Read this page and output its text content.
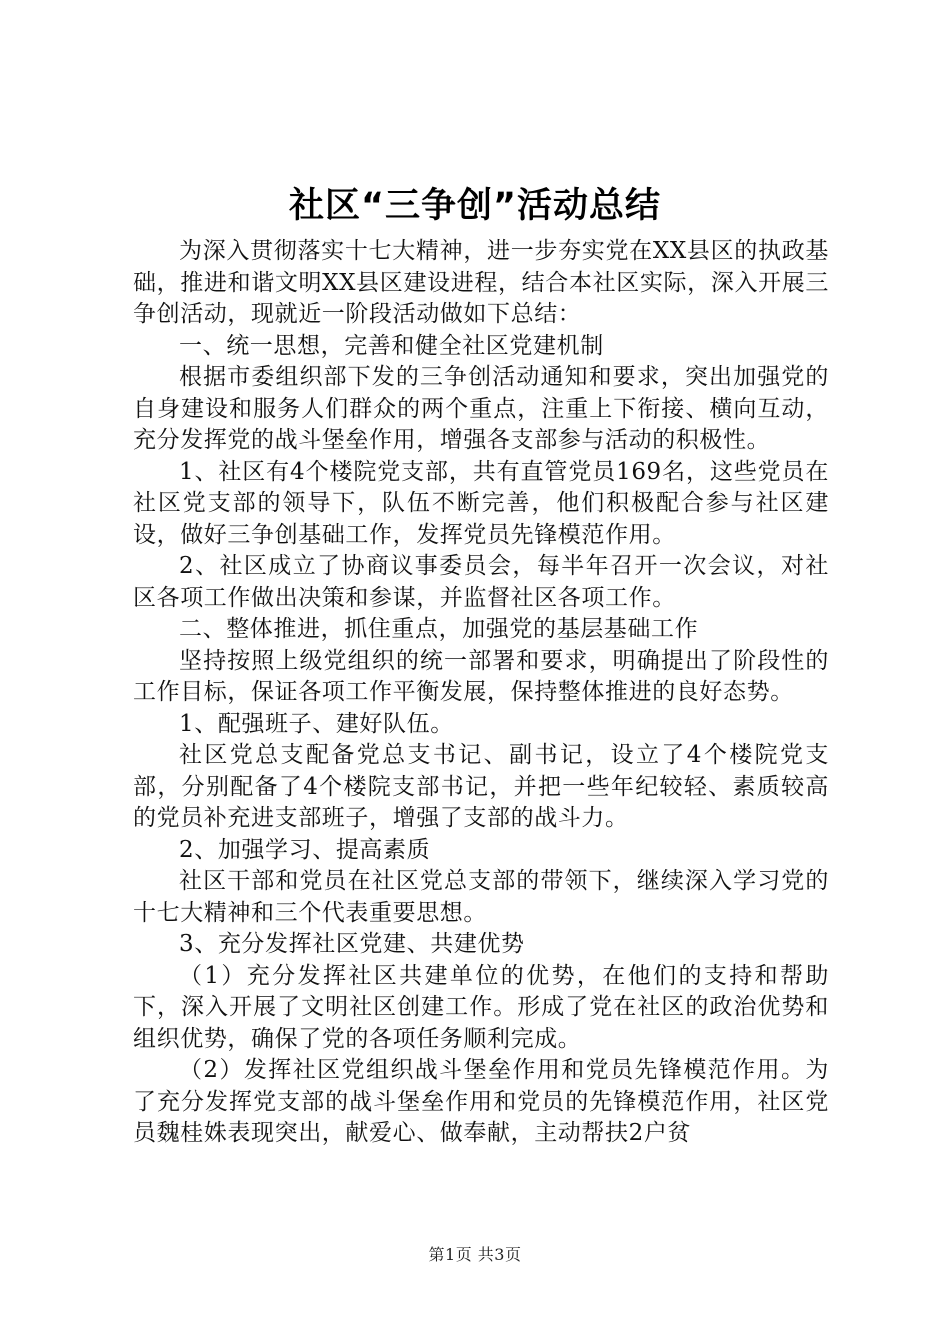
社区“三争创”活动总结

为深入贯彻落实十七大精神，进一步夯实党在XX县区的执政基础，推进和谐文明XX县区建设进程，结合本社区实际，深入开展三争创活动，现就近一阶段活动做如下总结：

一、统一思想，完善和健全社区党建机制

根据市委组织部下发的三争创活动通知和要求，突出加强党的自身建设和服务人们群众的两个重点，注重上下衔接、横向互动，充分发挥党的战斗堡垒作用，增强各支部参与活动的积极性。

1、社区有4个楼院党支部，共有直管党员169名，这些党员在社区党支部的领导下，队伍不断完善，他们积极配合参与社区建设，做好三争创基础工作，发挥党员先锋模范作用。

2、社区成立了协商议事委员会，每半年召开一次会议，对社区各项工作做出决策和参谋，并监督社区各项工作。

二、整体推进，抓住重点，加强党的基层基础工作

坚持按照上级党组织的统一部署和要求，明确提出了阶段性的工作目标，保证各项工作平衡发展，保持整体推进的良好态势。

1、配强班子、建好队伍。

社区党总支配备党总支书记、副书记，设立了4个楼院党支部，分别配备了4个楼院支部书记，并把一些年纪较轻、素质较高的党员补充进支部班子，增强了支部的战斗力。

2、加强学习、提高素质

社区干部和党员在社区党总支部的带领下，继续深入学习党的十七大精神和三个代表重要思想。

3、充分发挥社区党建、共建优势

（1）充分发挥社区共建单位的优势，在他们的支持和帮助下，深入开展了文明社区创建工作。形成了党在社区的政治优势和组织优势，确保了党的各项任务顺利完成。

（2）发挥社区党组织战斗堡垒作用和党员先锋模范作用。为了充分发挥党支部的战斗堡垒作用和党员的先锋模范作用，社区党员魏桂姝表现突出，献爱心、做奉献，主动帮扶2户贫

第1页 共3页
